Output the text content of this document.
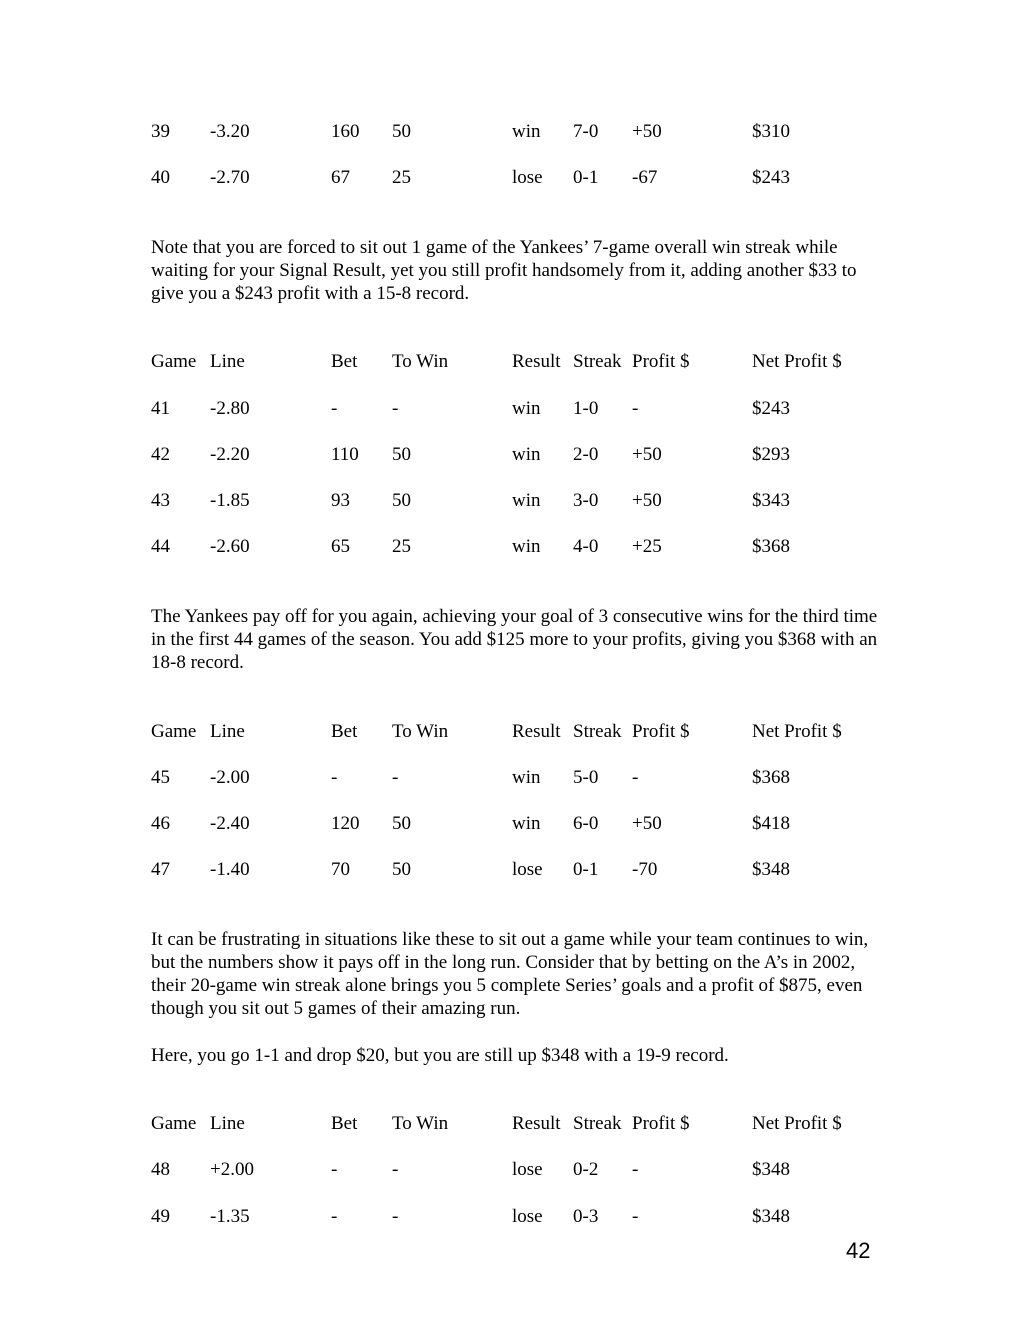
39 -3.20	160 50	win 7-0 +50	$310
40 -2.70	67 25	lose 0-1 -67	$243

Note that you are forced to sit out 1 game of the Yankees’ 7-game overall win streak while waiting for your Signal Result, yet you still profit handsomely from it, adding another $33 to give you a $243 profit with a 15-8 record.

Game Line	Bet To Win	Result Streak Profit $	Net Profit $
41 -2.80	-	-	win 1-0 -	$243
42 -2.20	110 50	win 2-0 +50	$293
43 -1.85	93 50	win 3-0 +50	$343
44 -2.60	65 25	win 4-0 +25	$368

The Yankees pay off for you again, achieving your goal of 3 consecutive wins for the third time in the first 44 games of the season. You add $125 more to your profits, giving you $368 with an 18-8 record.

Game Line	Bet To Win	Result Streak Profit $	Net Profit $
45 -2.00	-	-	win 5-0 -	$368
46 -2.40	120 50	win 6-0 +50	$418
47 -1.40	70 50	lose 0-1 -70	$348

It can be frustrating in situations like these to sit out a game while your team continues to win, but the numbers show it pays off in the long run. Consider that by betting on the A’s in 2002, their 20-game win streak alone brings you 5 complete Series’ goals and a profit of $875, even though you sit out 5 games of their amazing run.

Here, you go 1-1 and drop $20, but you are still up $348 with a 19-9 record.

Game Line	Bet To Win	Result Streak Profit $	Net Profit $
48 +2.00	-	-	lose 0-2 -	$348
49 -1.35	-	-	lose 0-3 -	$348
42
